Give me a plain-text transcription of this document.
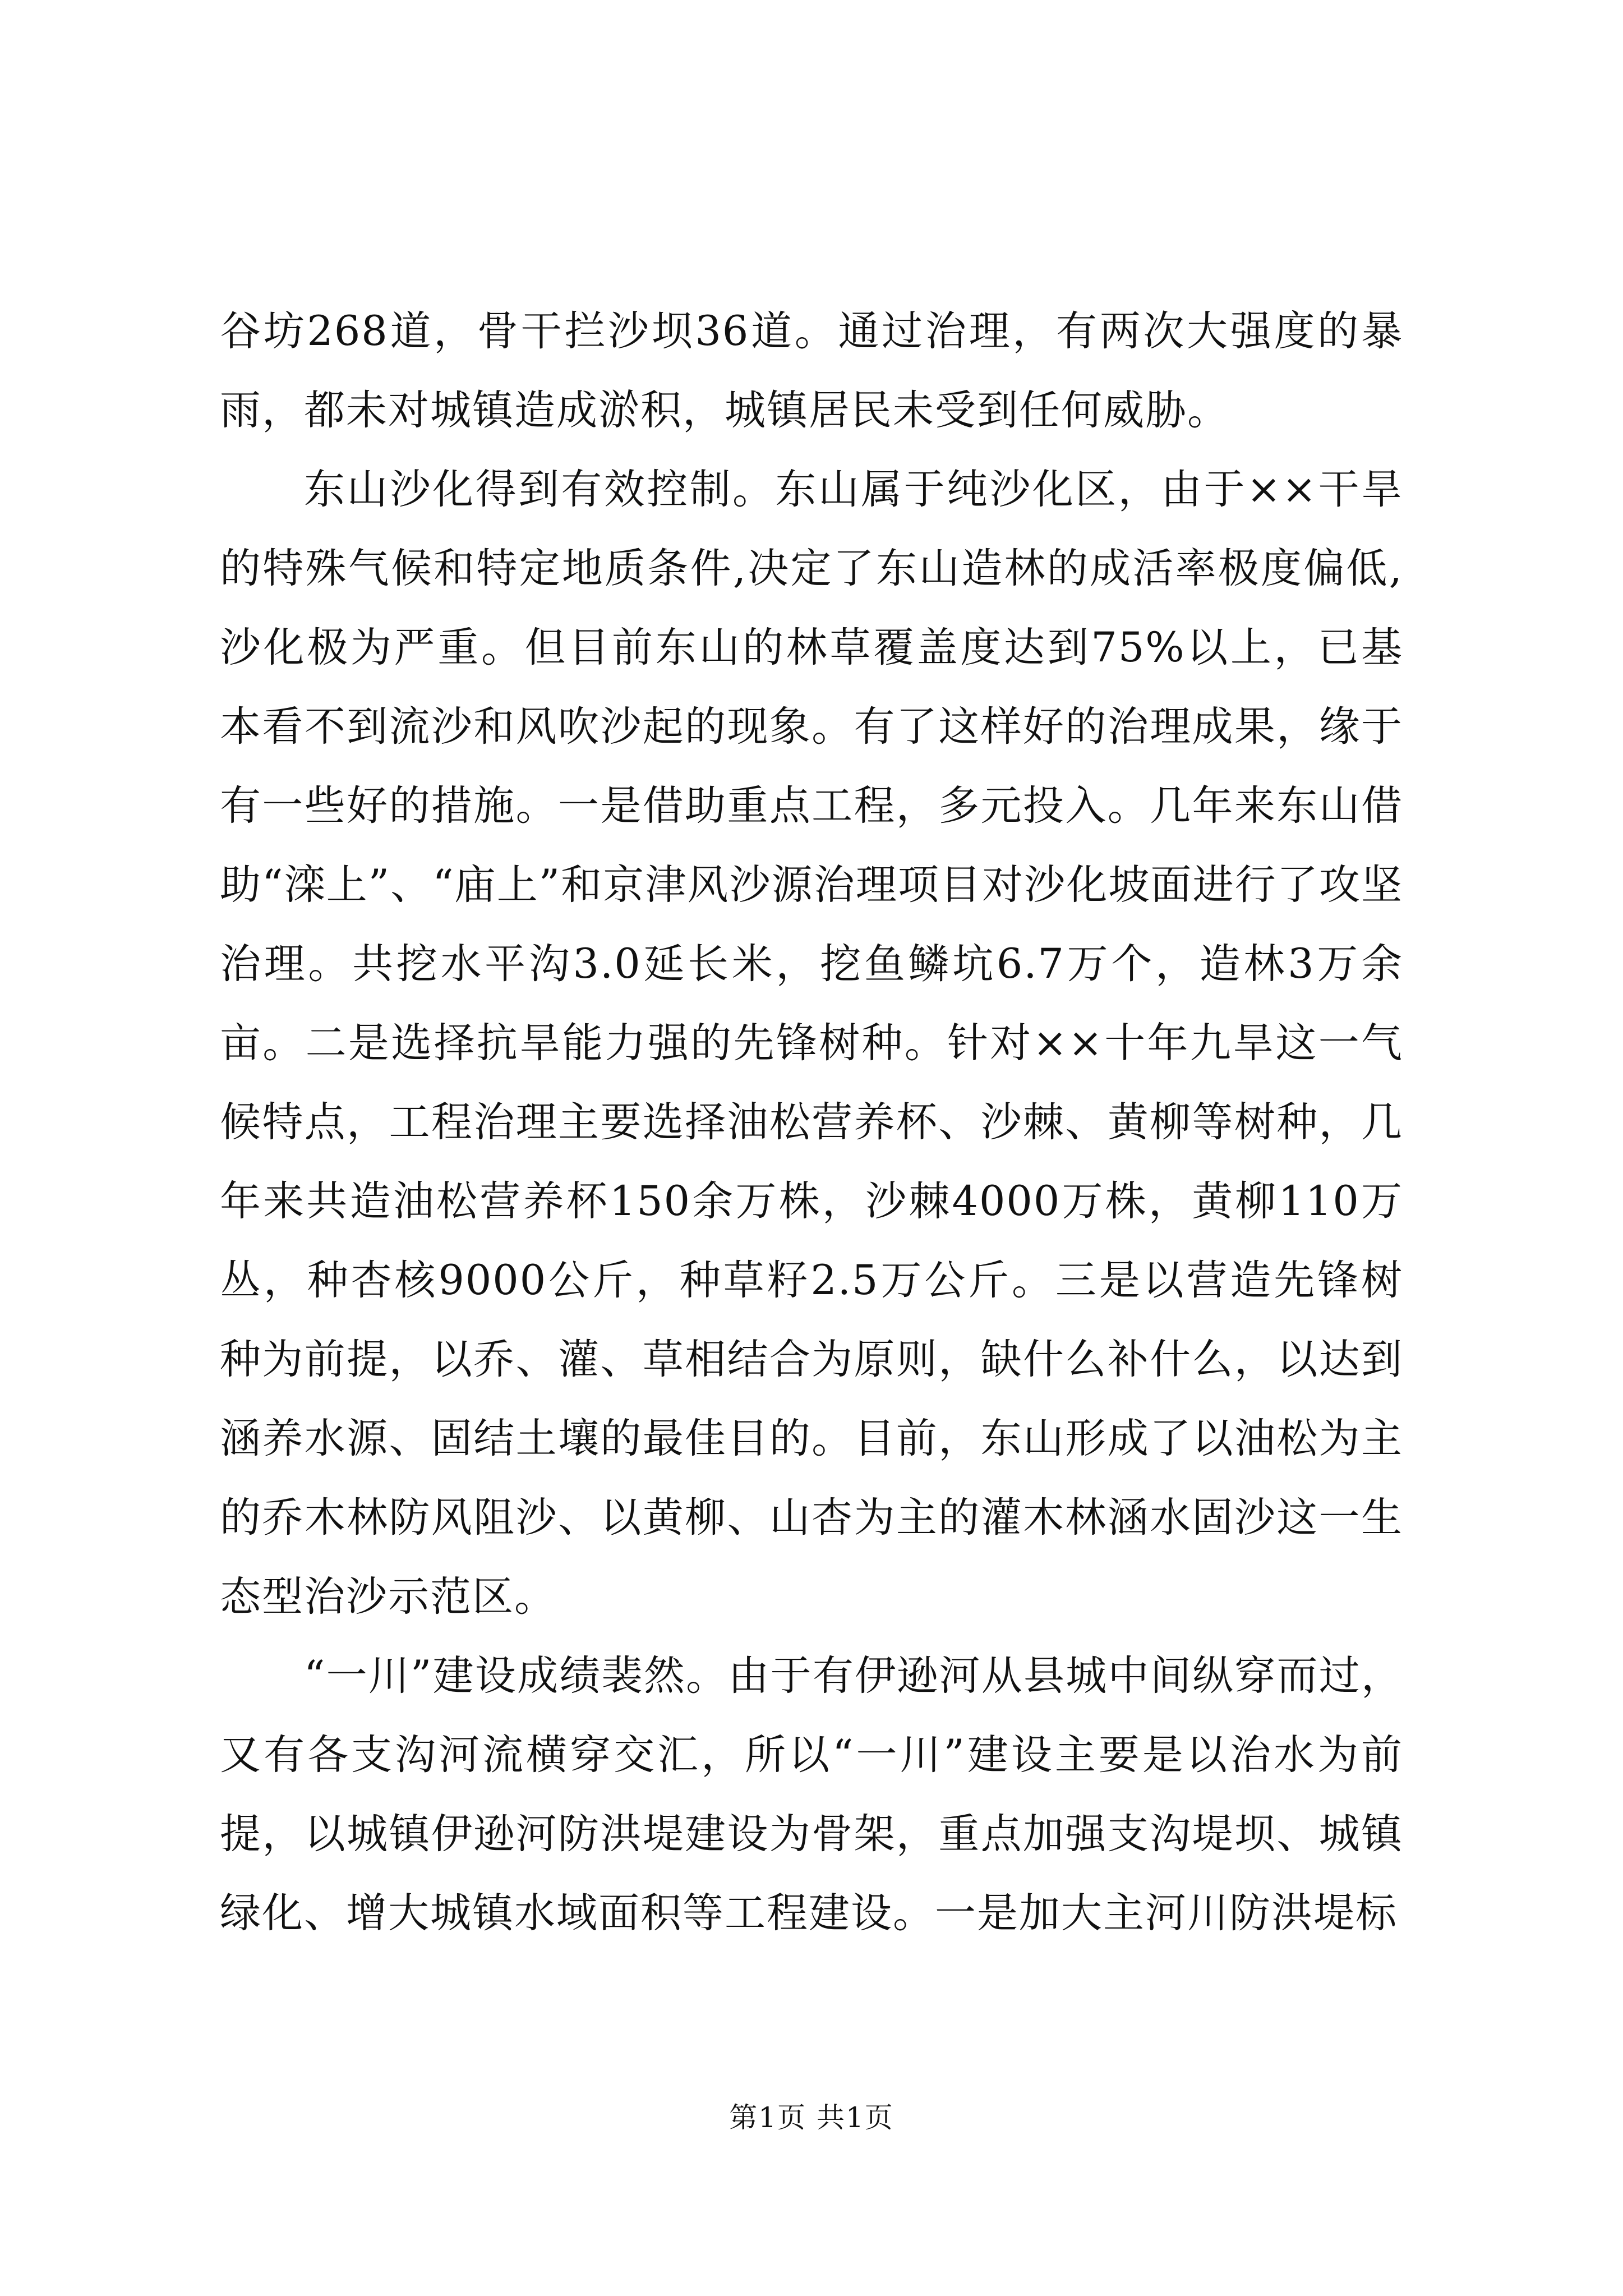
谷坊268道，骨干拦沙坝36道。通过治理，有两次大强度的暴雨，都未对城镇造成淤积，城镇居民未受到任何威胁。

东山沙化得到有效控制。东山属于纯沙化区，由于××干旱的特殊气候和特定地质条件,决定了东山造林的成活率极度偏低,沙化极为严重。但目前东山的林草覆盖度达到75%以上，已基本看不到流沙和风吹沙起的现象。有了这样好的治理成果，缘于有一些好的措施。一是借助重点工程，多元投入。几年来东山借助“滦上”、“庙上”和京津风沙源治理项目对沙化坡面进行了攻坚治理。共挖水平沟3.0延长米，挖鱼鳞坑6.7万个，造林3万余亩。二是选择抗旱能力强的先锋树种。针对××十年九旱这一气候特点，工程治理主要选择油松营养杯、沙棘、黄柳等树种，几年来共造油松营养杯150余万株，沙棘4000万株，黄柳110万丛，种杏核9000公斤，种草籽2.5万公斤。三是以营造先锋树种为前提，以乔、灌、草相结合为原则，缺什么补什么，以达到涵养水源、固结土壤的最佳目的。目前，东山形成了以油松为主的乔木林防风阻沙、以黄柳、山杏为主的灌木林涵水固沙这一生态型治沙示范区。

“一川”建设成绩裴然。由于有伊逊河从县城中间纵穿而过，又有各支沟河流横穿交汇，所以“一川”建设主要是以治水为前提，以城镇伊逊河防洪堤建设为骨架，重点加强支沟堤坝、城镇绿化、增大城镇水域面积等工程建设。一是加大主河川防洪堤标

第1页 共1页
